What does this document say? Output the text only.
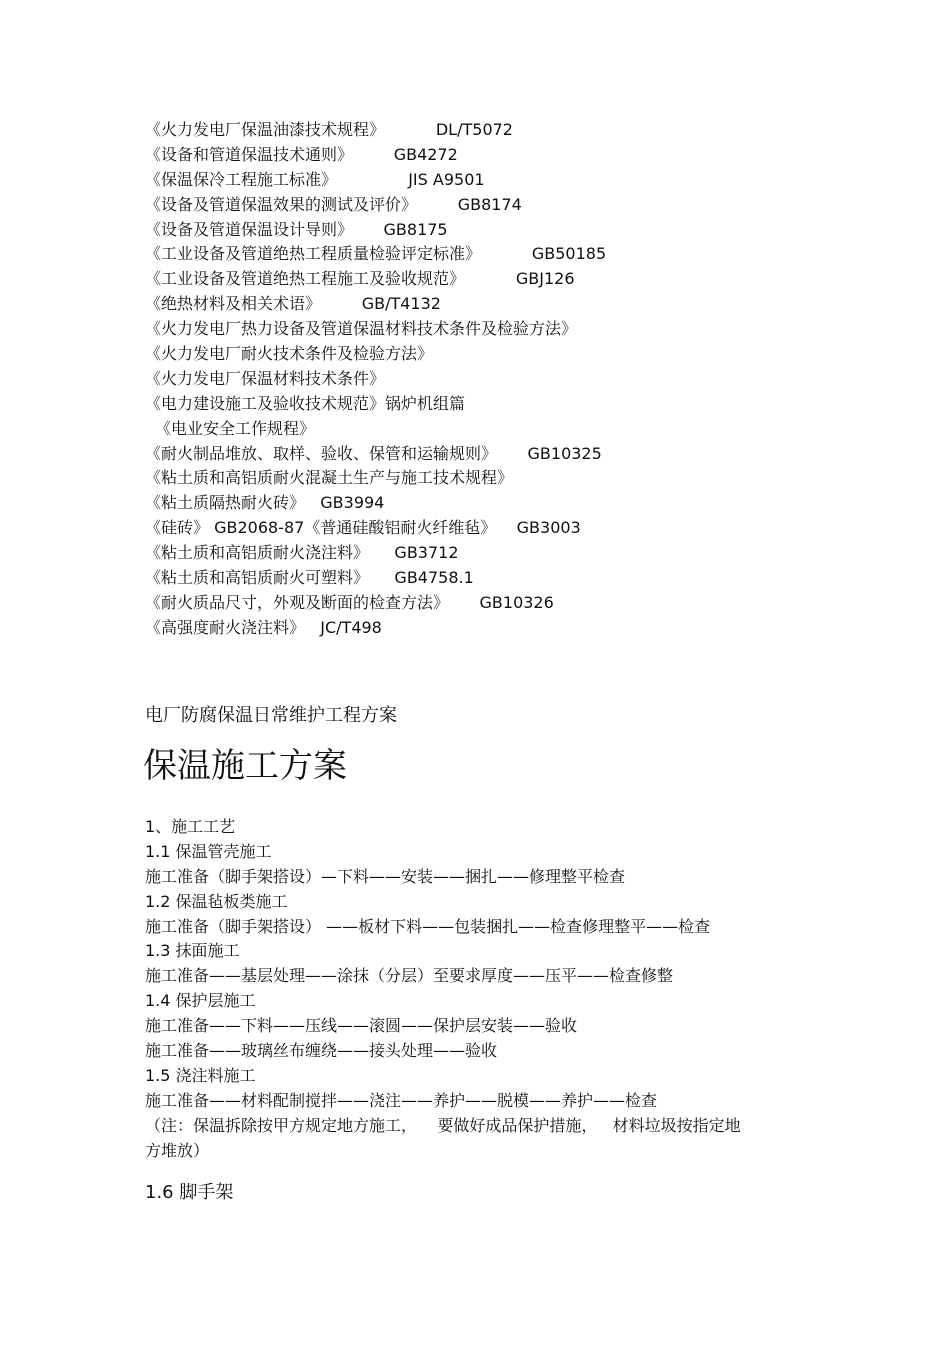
《火力发电厂保温油漆技术规程》          DL/T5072
《设备和管道保温技术通则》        GB4272
《保温保冷工程施工标准》              JIS A9501
《设备及管道保温效果的测试及评价》        GB8174
《设备及管道保温设计导则》      GB8175
《工业设备及管道绝热工程质量检验评定标准》          GB50185
《工业设备及管道绝热工程施工及验收规范》          GBJ126
《绝热材料及相关术语》        GB/T4132
《火力发电厂热力设备及管道保温材料技术条件及检验方法》
《火力发电厂耐火技术条件及检验方法》
《火力发电厂保温材料技术条件》
《电力建设施工及验收技术规范》锅炉机组篇
《电业安全工作规程》
《耐火制品堆放、取样、验收、保管和运输规则》      GB10325
《粘土质和高铝质耐火混凝土生产与施工技术规程》
《粘土质隔热耐火砖》   GB3994
《硅砖》 GB2068-87《普通硅酸铝耐火纤维毡》    GB3003
《粘土质和高铝质耐火浇注料》     GB3712
《粘土质和高铝质耐火可塑料》     GB4758.1
《耐火质品尺寸，外观及断面的检查方法》      GB10326
《高强度耐火浇注料》   JC/T498
电厂防腐保温日常维护工程方案
保温施工方案
1、施工工艺
1.1 保温管壳施工
施工准备（脚手架搭设）—下料——安装——捆扎——修理整平检查
1.2 保温毡板类施工
施工准备（脚手架搭设） ——板材下料——包装捆扎——检查修理整平——检查
1.3 抹面施工
施工准备——基层处理——涂抹（分层）至要求厚度——压平——检查修整
1.4 保护层施工
施工准备——下料——压线——滚圆——保护层安装——验收
施工准备——玻璃丝布缠绕——接头处理——验收
1.5 浇注料施工
施工准备——材料配制搅拌——浇注——养护——脱模——养护——检查
（注：保温拆除按甲方规定地方施工，    要做好成品保护措施，   材料垃圾按指定地
方堆放）
1.6 脚手架
